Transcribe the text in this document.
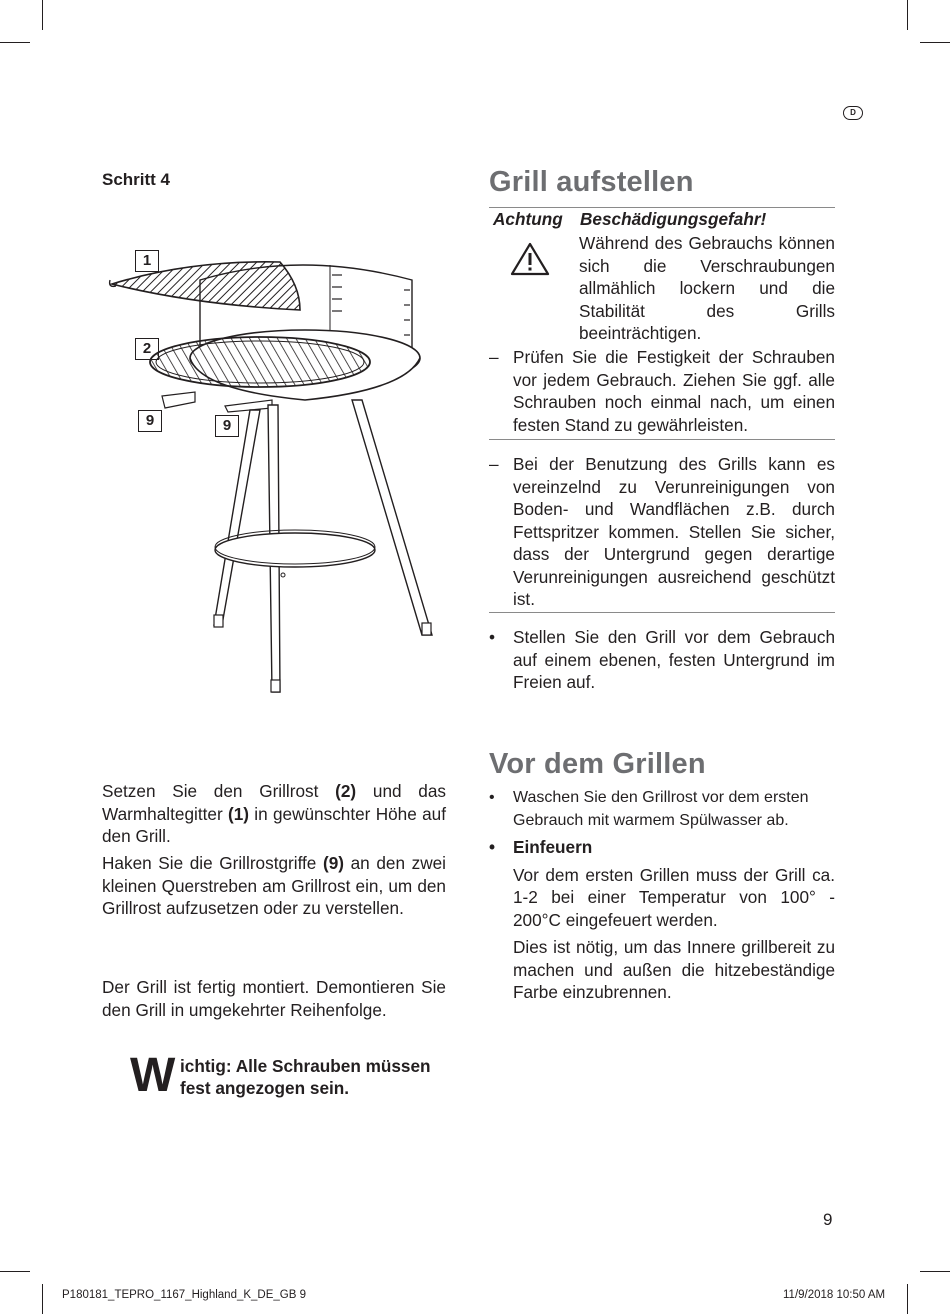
D
Schritt 4
1
2
9	9
Grill aufstellen
Achtung Beschädigungsgefahr!
Während des Gebrauchs können sich die Verschraubungen allmählich lockern und die Stabilität des Grills beeinträchtigen.
– Prüfen Sie die Festigkeit der Schrauben vor jedem Gebrauch. Ziehen Sie ggf. alle Schrauben noch einmal nach, um einen festen Stand zu gewährleisten.
– Bei der Benutzung des Grills kann es vereinzelnd zu Verunreinigungen von Boden- und Wandflächen z.B. durch Fettspritzer kommen. Stellen Sie sicher, dass der Untergrund gegen derartige Verunreinigungen ausreichend geschützt ist.
•	Stellen Sie den Grill vor dem Gebrauch auf einem ebenen, festen Untergrund im Freien auf.
Vor dem Grillen
•	Waschen Sie den Grillrost vor dem ersten Gebrauch mit warmem Spülwasser ab.
•	Einfeuern
Vor dem ersten Grillen muss der Grill ca. 1-2 bei einer Temperatur von 100° - 200°C eingefeuert werden.
Dies ist nötig, um das Innere grillbereit zu machen und außen die hitzebeständige Farbe einzubrennen.
Setzen Sie den Grillrost (2) und das Warmhaltegitter (1) in gewünschter Höhe auf den Grill.
Haken Sie die Grillrostgriffe (9) an den zwei kleinen Querstreben am Grillrost ein, um den Grillrost aufzusetzen oder zu verstellen.
Der Grill ist fertig montiert. Demontieren Sie den Grill in umgekehrter Reihenfolge.
W ichtig: Alle Schrauben müssen fest angezogen sein.
9
P180181_TEPRO_1167_Highland_K_DE_GB 9	11/9/2018 10:50 AM
